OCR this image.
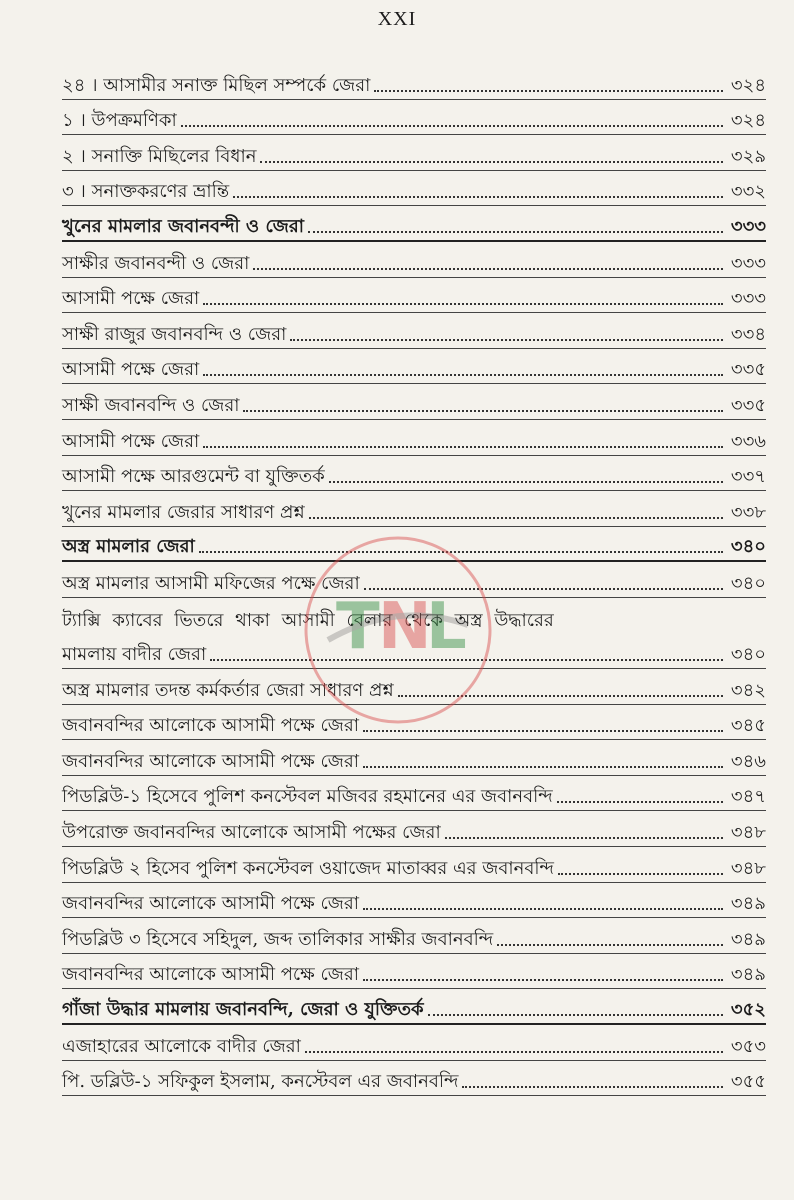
XXI
২৪ । আসামীর সনাক্ত মিছিল সম্পর্কে জেরা	৩২৪
১ । উপক্রমণিকা	৩২৪
২ । সনাক্তি মিছিলের বিধান	৩২৯
৩ । সনাক্তকরণের ভ্রান্তি	৩৩২
খুনের মামলার জবানবন্দী ও জেরা	৩৩৩
সাক্ষীর জবানবন্দী ও জেরা	৩৩৩
আসামী পক্ষে জেরা	৩৩৩
সাক্ষী রাজুর জবানবন্দি ও জেরা	৩৩৪
আসামী পক্ষে জেরা	৩৩৫
সাক্ষী জবানবন্দি ও জেরা	৩৩৫
আসামী পক্ষে জেরা	৩৩৬
আসামী পক্ষে আরগুমেন্ট বা যুক্তিতর্ক	৩৩৭
খুনের মামলার জেরার সাধারণ প্রশ্ন	৩৩৮
অস্ত্র মামলার জেরা	৩৪০
অস্ত্র মামলার আসামী মফিজের পক্ষে জেরা	৩৪০
ট্যাক্সি ক্যাবের ভিতরে থাকা আসামী বেলার থেকে অস্ত্র উদ্ধারের
মামলায় বাদীর জেরা	৩৪০
অস্ত্র মামলার তদন্ত কর্মকর্তার জেরা সাধারণ প্রশ্ন	৩৪২
জবানবন্দির আলোকে আসামী পক্ষে জেরা	৩৪৫
জবানবন্দির আলোকে আসামী পক্ষে জেরা	৩৪৬
পিডব্লিউ-১ হিসেবে পুলিশ কনস্টেবল মজিবর রহমানের এর জবানবন্দি	৩৪৭
উপরোক্ত জবানবন্দির আলোকে আসামী পক্ষের জেরা	৩৪৮
পিডব্লিউ ২ হিসেব পুলিশ কনস্টেবল ওয়াজেদ মাতাব্বর এর জবানবন্দি	৩৪৮
জবানবন্দির আলোকে আসামী পক্ষে জেরা	৩৪৯
পিডব্লিউ ৩ হিসেবে সহিদুল, জব্দ তালিকার সাক্ষীর জবানবন্দি	৩৪৯
জবানবন্দির আলোকে আসামী পক্ষে জেরা	৩৪৯
গাঁজা উদ্ধার মামলায় জবানবন্দি, জেরা ও যুক্তিতর্ক	৩৫২
এজাহারের আলোকে বাদীর জেরা	৩৫৩
পি. ডব্লিউ-১ সফিকুল ইসলাম, কনস্টেবল এর জবানবন্দি	৩৫৫
T
N
L
